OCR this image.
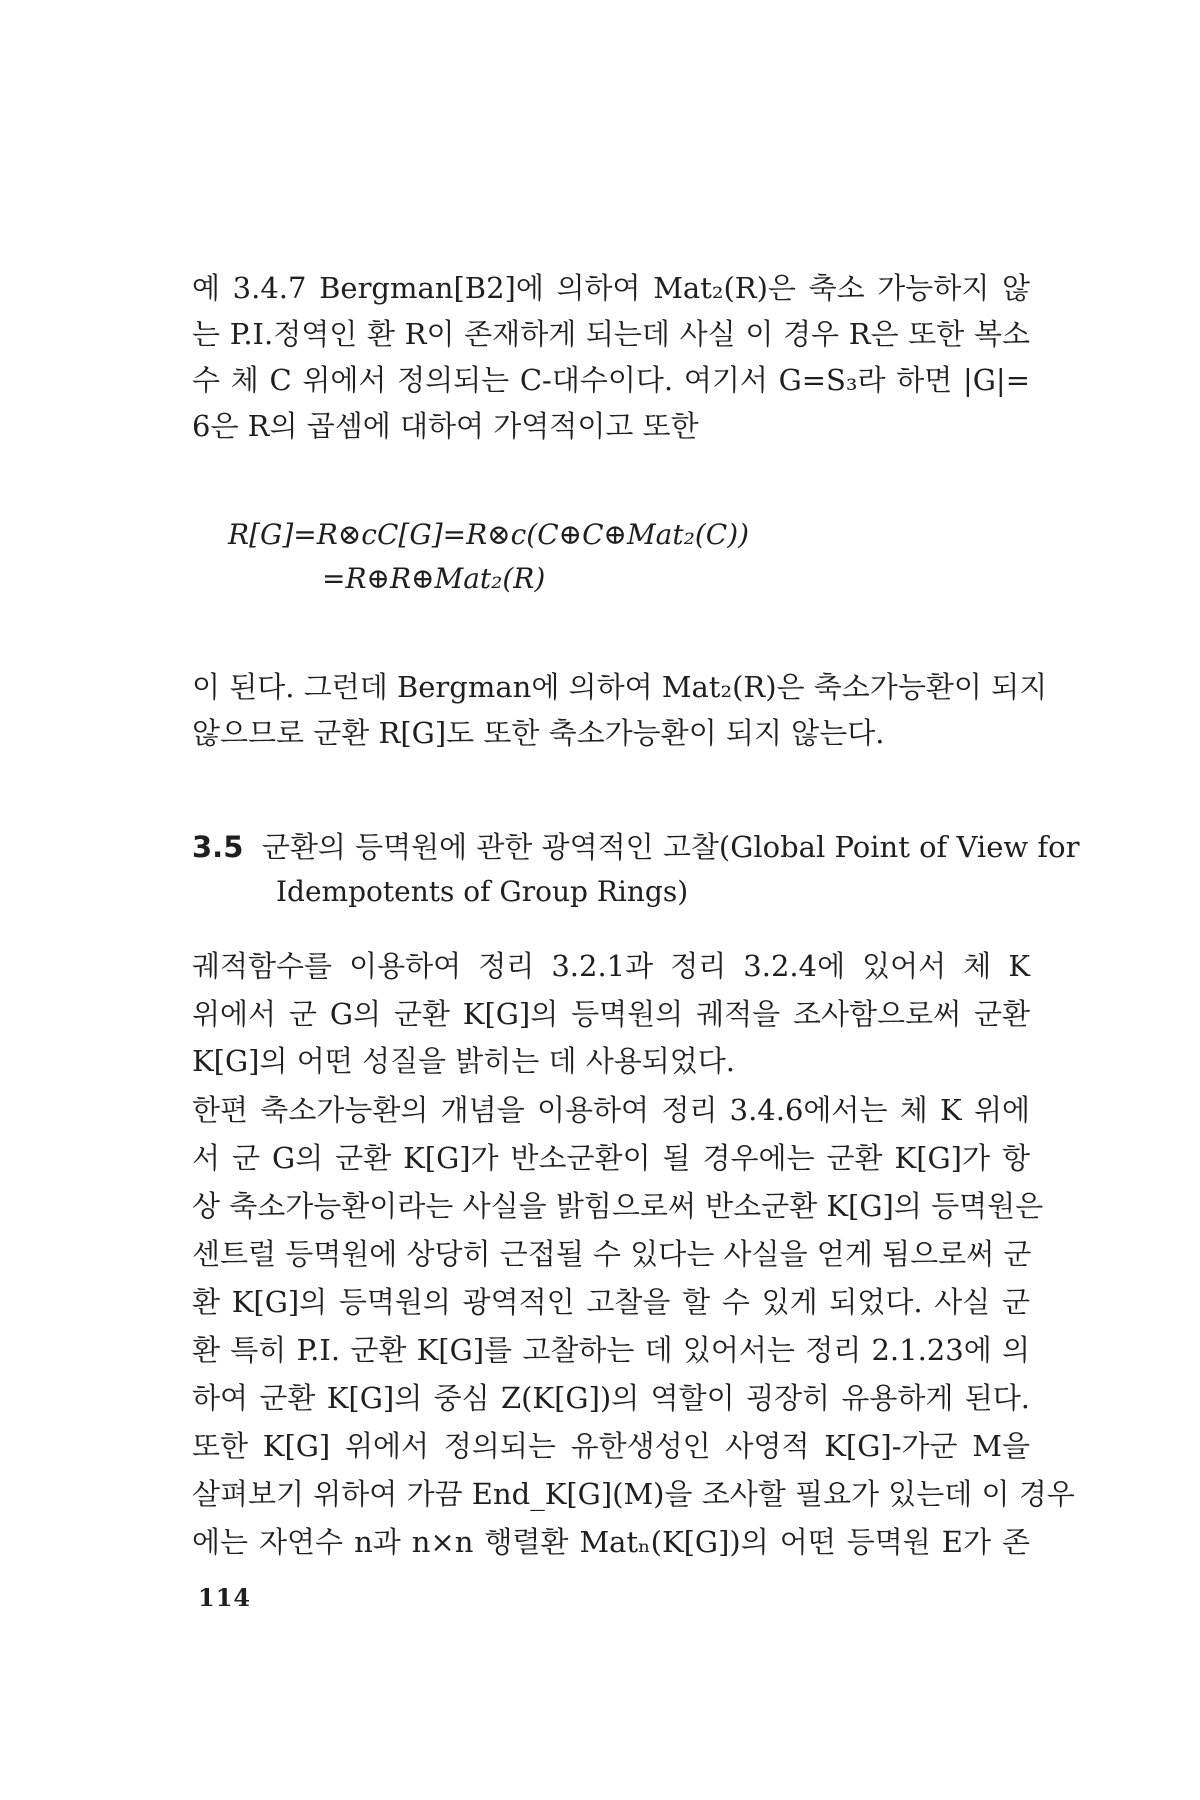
예 3.4.7 Bergman[B2]에 의하여 Mat₂(R)은 축소 가능하지 않
는 P.I.정역인 환 R이 존재하게 되는데 사실 이 경우 R은 또한 복소
수 체 C 위에서 정의되는 C-대수이다. 여기서 G=S₃라 하면 |G|=
6은 R의 곱셈에 대하여 가역적이고 또한
R[G]=R⊗cC[G]=R⊗c(C⊕C⊕Mat₂(C))
=R⊕R⊕Mat₂(R)
이 된다. 그런데 Bergman에 의하여 Mat₂(R)은 축소가능환이 되지
않으므로 군환 R[G]도 또한 축소가능환이 되지 않는다.
3.5 군환의 등멱원에 관한 광역적인 고찰(Global Point of View for
Idempotents of Group Rings)
궤적함수를 이용하여 정리 3.2.1과 정리 3.2.4에 있어서 체 K
위에서 군 G의 군환 K[G]의 등멱원의 궤적을 조사함으로써 군환
K[G]의 어떤 성질을 밝히는 데 사용되었다.
한편 축소가능환의 개념을 이용하여 정리 3.4.6에서는 체 K 위에
서 군 G의 군환 K[G]가 반소군환이 될 경우에는 군환 K[G]가 항
상 축소가능환이라는 사실을 밝힘으로써 반소군환 K[G]의 등멱원은
센트럴 등멱원에 상당히 근접될 수 있다는 사실을 얻게 됨으로써 군
환 K[G]의 등멱원의 광역적인 고찰을 할 수 있게 되었다. 사실 군
환 특히 P.I. 군환 K[G]를 고찰하는 데 있어서는 정리 2.1.23에 의
하여 군환 K[G]의 중심 Z(K[G])의 역할이 굉장히 유용하게 된다.
또한 K[G] 위에서 정의되는 유한생성인 사영적 K[G]-가군 M을
살펴보기 위하여 가끔 End_K[G](M)을 조사할 필요가 있는데 이 경우
에는 자연수 n과 n×n 행렬환 Matₙ(K[G])의 어떤 등멱원 E가 존
114
